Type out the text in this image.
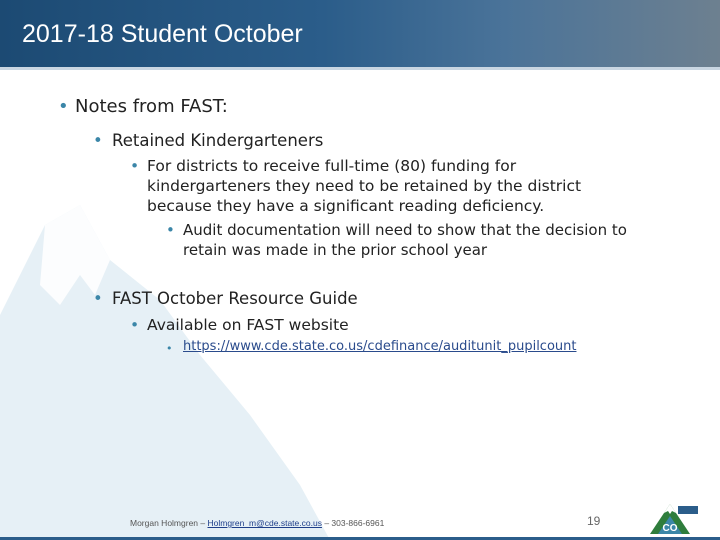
2017-18 Student October
• Notes from FAST:
• Retained Kindergarteners
• For districts to receive full-time (80) funding for
kindergarteners they need to be retained by the district
because they have a significant reading deficiency.
• Audit documentation will need to show that the decision to
retain was made in the prior school year
• FAST October Resource Guide
• Available on FAST website
• https://www.cde.state.co.us/cdefinance/auditunit_pupilcount
Morgan Holmgren – Holmgren_m@cde.state.co.us – 303-866-6961	19
CO
